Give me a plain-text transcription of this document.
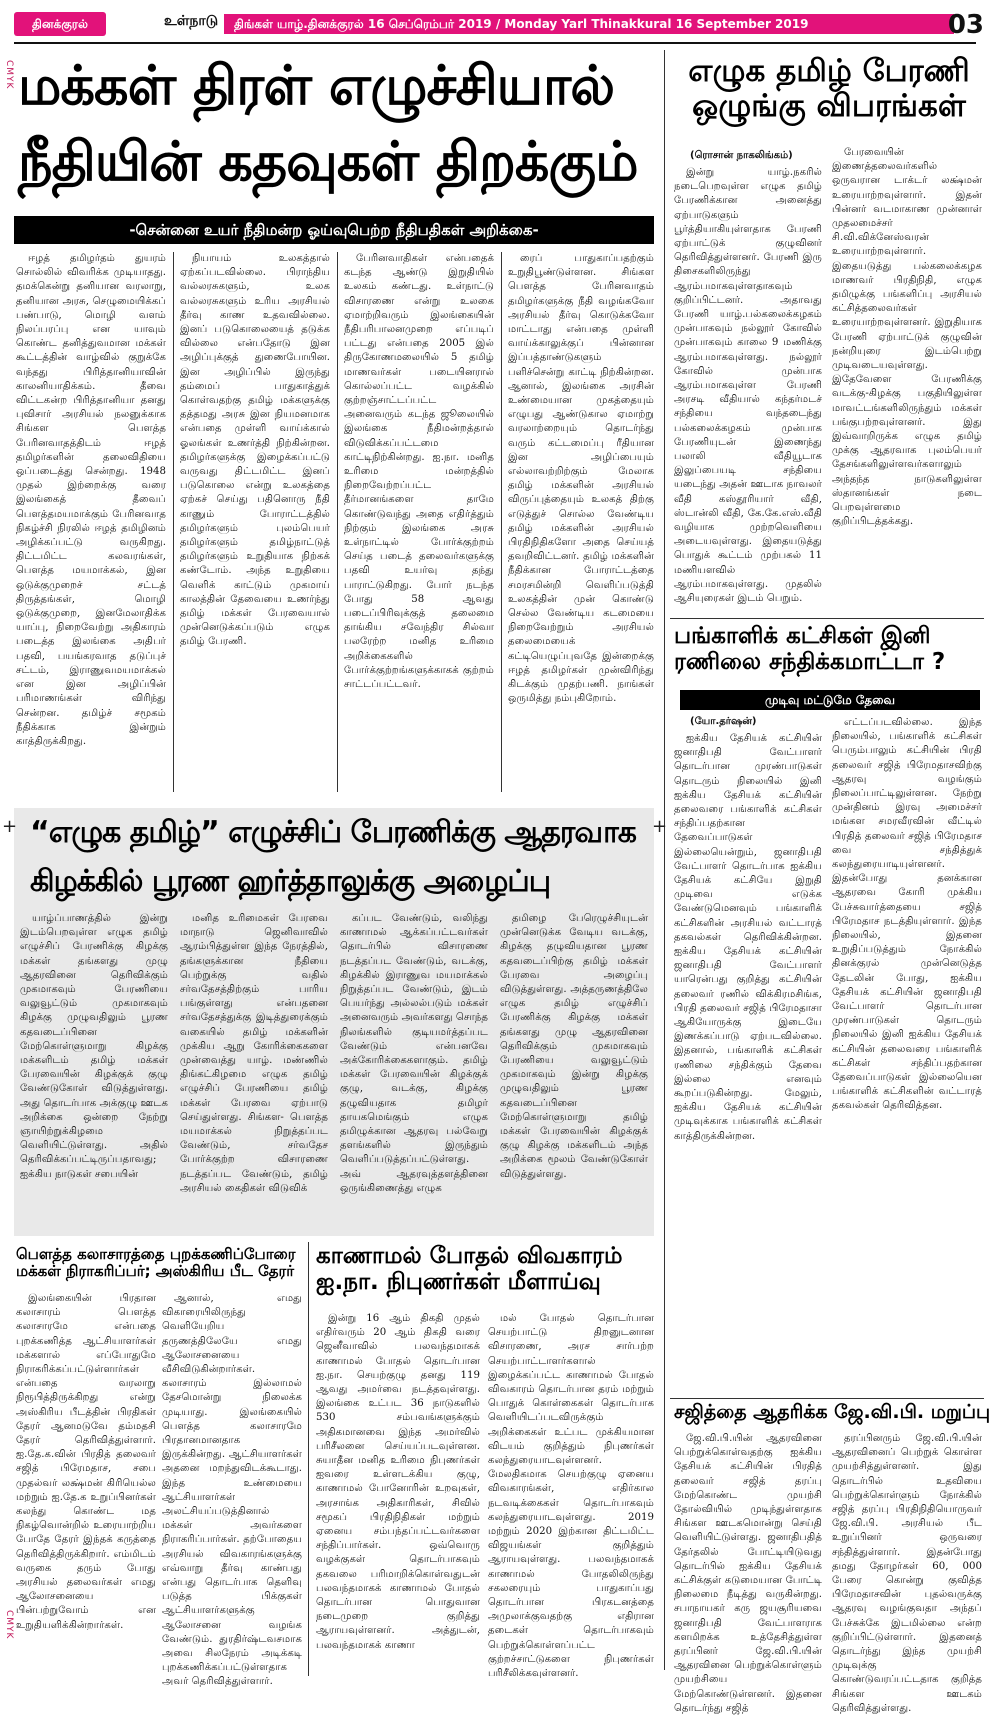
தினக்குரல்	உள்நாடு	திங்கள் யாழ்.தினக்குரல் 16 செப்ரெம்பர் 2019 / Monday Yarl Thinakkural 16 September 2019	03
CMYK
CMYK
மக்கள் திரள் எழுச்சியால்
நீதியின் கதவுகள் திறக்கும்
-சென்னை உயர் நீதிமன்ற ஓய்வுபெற்ற நீதிபதிகள் அறிக்கை-

ஈழத் தமிழர்தம் துயரம் சொல்லில் விவரிக்க முடியாதது. தமக்கென்று தனியான வரலாறு, தனியான அரசு, செழுமையிக்கப் பண்பாடு, மொழி வளம் நிலப்பரப்பு என யாவும் கொண்ட தனித்துவமான மக்கள் கூட்டத்தின் வாழ்வில் குறுக்கே வந்தது பிரித்தானியாவின் காலனியாதிக்கம். தீவை விட்டகன்ற பிரித்தானியா தனது புவிசார் அரசியல் நலனுக்காக சிங்கள பௌத்த பேரினவாதத்திடம் ஈழத் தமிழர்களின் தலைவிதியை ஒப்படைத்து சென்றது. 1948 முதல் இற்றைக்கு வரை இலங்கைத் தீவைப் பௌத்தமயமாக்கும் பேரினவாத நிகழ்ச்சி நிரலில் ஈழத் தமிழினம் அழிக்கப்பட்டு வருகிறது. திட்டமிட்ட கலவரங்கள், பௌத்த மயமாக்கல், இன ஒடுக்குமுறைச் சட்டத் திருத்தங்கள், மொழி ஒடுக்குமுறை, இனமேலாதிக்க யாப்பு, நிறைவேற்று அதிகாரம் படைத்த இலங்கை அதிபர் பதவி, பயங்கரவாத தடுப்புச் சட்டம், இராணுவமயமாக்கல் என இன அழிப்பின் பரிமாணங்கள் விரிந்து சென்றன. தமிழ்ச் சமூகம் நீதிக்காக இன்றும் காத்திருக்கிறது.

நியாயம் உலகத்தால் ஏற்கப்படவில்லை. பிராந்திய வல்லரசுகளும், உலக வல்லரசுகளும் உரிய அரசியல் தீர்வு காண உதவவில்லை. இனப் படுகொலையைத் தடுக்க வில்லை என்பதோடு இன அழிப்புக்குத் துணைபோயின. இன அழிப்பில் இருந்து தம்மைப் பாதுகாத்துக் கொள்வதற்கு தமிழ் மக்களுக்கு தத்தமது அரசு இன நியமனமாக என்பதை முள்ளி வாய்க்கால் ஓலங்கள் உணர்த்தி நிற்கின்றன. தமிழர்களுக்கு இழைக்கப்பட்டு வருவது திட்டமிட்ட இனப் படுகொலை என்று உலகத்தை ஏற்கச் செய்து பதினொரு நீதி காணும் போராட்டத்தில் தமிழர்களும் புலம்பெயர் தமிழர்களும் தமிழ்நாட்டுத் தமிழர்களும் உறுதியாக நிற்கக் கண்டோம். அந்த உறுதியை வெளிக் காட்டும் முகமாய் காலத்தின் தேவையை உணர்ந்து தமிழ் மக்கள் பேரவையால் முன்னெடுக்கப்படும் எழுக தமிழ் பேரணி.

பேரினவாதிகள் என்பதைக் கடந்த ஆண்டு இறுதியில் உலகம் கண்டது. உள்நாட்டு விசாரணை என்று உலகை ஏமாற்றிவரும் இலங்கையின் நீதிபரிபாலனமுறை எப்படிப் பட்டது என்பதை 2005 இல் திருகோணமலையில் 5 தமிழ் மாணவர்கள் படையினரால் கொல்லப்பட்ட வழக்கில் குற்றஞ்சாட்டப்பட்ட அனைவரும் கடந்த ஜூலையில் இலங்கை நீதிமன்றத்தால் விடுவிக்கப்பட்டமை காட்டிநிற்கின்றது. ஐ.நா. மனித உரிமை மன்றத்தில் நிறைவேற்றப்பட்ட தீர்மானங்களை தாமே கொண்டுவந்து அதை எதிர்த்தும் நிற்கும் இலங்கை அரசு உள்நாட்டில் போர்க்குற்றம் செய்த படைத் தலைவர்களுக்கு பதவி உயர்வு தந்து பாராட்டுகிறது. போர் நடந்த போது 58 ஆவது படைப்பிரிவுக்குத் தலைமை தாங்கிய சவேந்திர சில்வா பலரேற்ற மனித உரிமை அறிக்கைகளில் போர்க்குற்றங்களுக்காகக் குற்றம் சாட்டப்பட்டவர்.

ரைப் பாதுகாப்பதற்கும் உறுதிபூண்டுள்ளன. சிங்கள பௌத்த பேரினவாதம் தமிழர்களுக்கு நீதி வழங்கவோ அரசியல் தீர்வு கொடுக்கவோ மாட்டாது என்பதை முள்ளி வாய்க்காலுக்குப் பின்னான இப்பத்தாண்டுகளும் பளிச்சென்று காட்டி நிற்கின்றன. ஆனால், இலங்கை அரசின் உண்மையான முகத்தையும் எழுபது ஆண்டுகால ஏமாற்று வரலாற்றையும் தொடர்ந்து வரும் கட்டமைப்பு ரீதியான இன அழிப்பையும் எல்லாவற்றிற்கும் மேலாக தமிழ் மக்களின் அரசியல் விருப்புத்தையும் உலகத் திற்கு எடுத்துச் சொல்ல வேண்டிய தமிழ் மக்களின் அரசியல் பிரதிநிதிகளோ அதை செய்யத் தவறிவிட்டனர். தமிழ் மக்களின் நீதிக்கான போராட்டத்தை சமரசமின்றி வெளிப்படுத்தி உலகத்தின் முன் கொண்டு செல்ல வேண்டிய கடமையை நிறைவேற்றும் அரசியல் தலைமையைக் கட்டியெழுப்புவதே இன்றைக்கு ஈழத் தமிழர்கள் முன்விரிந்து கிடக்கும் முதற்பணி. நாங்கள் ஒருமித்து நம்புகிறோம்.

எழுக தமிழ் பேரணி ஒழுங்கு விபரங்கள்
(ரொசான் நாகலிங்கம்)

இன்று யாழ்.நகரில் நடைபெறவுள்ள எழுக தமிழ் பேரணிக்கான அனைத்து ஏற்பாடுகளும் பூர்த்தியாகியுள்ளதாக பேரணி ஏற்பாட்டுக் குழுவினர் தெரிவித்துள்ளனர். பேரணி இரு திசைகளிலிருந்து ஆரம்பமாகவுள்ளதாகவும் குறிப்பிட்டனர். அதாவது பேரணி யாழ்.பல்கலைக்கழகம் முன்பாகவும் நல்லூர் கோவில் முன்பாகவும் காலை 9 மணிக்கு ஆரம்பமாகவுள்ளது. நல்லூர் கோவில் முன்பாக ஆரம்பமாகவுள்ள பேரணி அரசடி வீதியால் கந்தர்மடச் சந்தியை வந்தடைந்து பல்கலைக்கழகம் முன்பாக பேரணியுடன் இணைந்து பலாலி வீதியூடாக இலுப்பையடி சந்தியை யடைந்து அதன் ஊடாக நாவலர் வீதி கஸ்தூரியார் வீதி, ஸ்டான்லி வீதி, கே.கே.எஸ்.வீதி வழியாக முற்றவெளியை அடையவுள்ளது. இதையடுத்து பொதுக் கூட்டம் முற்பகல் 11 மணியளவில் ஆரம்பமாகவுள்ளது. முதலில் ஆசியுரைகள் இடம் பெறும்.

பேரவையின் இணைத்தலைவர்களில் ஒருவரான டாக்டர் லக்ஷ்மன் உரையாற்றவுள்ளார். இதன் பின்னர் வடமாகாண முன்னாள் முதலமைச்சர் சி.வி.விக்னேஸ்வரன் உரையாற்றவுள்ளார். இதையடுத்து பல்கலைக்கழக மாணவர் பிரதிநிதி, எழுக தமிழுக்கு பங்களிப்பு அரசியல் கட்சித்தலைவர்கள் உரையாற்றவுள்ளனர். இறுதியாக பேரணி ஏற்பாட்டுக் குழுவின் நன்றியுரை இடம்பெற்று முடிவடையவுள்ளது. இதேவேளை பேரணிக்கு வடக்கு-கிழக்கு பகுதியிலுள்ள மாவட்டங்களிலிருந்தும் மக்கள் பங்குபற்றவுள்ளனர். இது இவ்வாறிருக்க எழுக தமிழ் முக்கு ஆதரவாக புலம்பெயர் தேசங்களிலுள்ளவர்களாலும் அந்தந்த நாடுகளிலுள்ள ஸ்தானங்கள் நடை பெறவுள்ளமை குறிப்பிடத்தக்கது.

பங்காளிக் கட்சிகள் இனி ரணிலை சந்திக்கமாட்டா ?
முடிவு மட்டுமே தேவை
(யோ.தர்ஷன்)

ஐக்கிய தேசியக் கட்சியின் ஜனாதிபதி வேட்பாளர் தொடர்பான முரண்பாடுகள் தொடரும் நிலையில் இனி ஐக்கிய தேசியக் கட்சியின் தலைவரை பங்காளிக் கட்சிகள் சந்திப்பதற்கான தேவைப்பாடுகள் இல்லையென்றும், ஜனாதிபதி வேட்பாளர் தொடர்பாக ஐக்கிய தேசியக் கட்சியே இறுதி முடிவை எடுக்க வேண்டுமெனவும் பங்காளிக் கட்சிகளின் அரசியல் வட்டாரத் தகவல்கள் தெரிவிக்கின்றன. ஐக்கிய தேசியக் கட்சியின் ஜனாதிபதி வேட்பாளர் யாரென்பது குறித்து கட்சியின் தலைவர் ரணில் விக்கிரமசிங்க, பிரதி தலைவர் சஜித் பிரேமதாசா ஆகியோருக்கு இடையே இணக்கப்பாடு ஏற்படவில்லை. இதனால், பங்காளிக் கட்சிகள் ரணிலை சந்திக்கும் தேவை இல்லை எனவும் கூறப்படுகின்றது. மேலும், ஐக்கிய தேசியக் கட்சியின் முடிவுக்காக பங்காளிக் கட்சிகள் காத்திருக்கின்றன.

எட்டப்படவில்லை. இந்த நிலையில், பங்காளிக் கட்சிகள் பெரும்பாலும் கட்சியின் பிரதி தலைவர் சஜித் பிரேமதாசவிற்கு ஆதரவு வழங்கும் நிலைப்பாட்டிலுள்ளன. நேற்று முன்தினம் இரவு அமைச்சர் மங்கள சமரவீரவின் வீட்டில் பிரதித் தலைவர் சஜித் பிரேமதாச வை சந்தித்துக் கலந்துரையாடியுள்ளனர். இதன்போது தனக்கான ஆதரவை கோரி முக்கிய பேச்சுவார்த்தையை சஜித் பிரேமதாச நடத்தியுள்ளார். இந்த நிலையில், இதனை உறுதிப்படுத்தும் நோக்கில் தினக்குரல் முன்னெடுத்த தேடலின் போது, ஐக்கிய தேசியக் கட்சியின் ஜனாதிபதி வேட்பாளர் தொடர்பான முரண்பாடுகள் தொடரும் நிலையில் இனி ஐக்கிய தேசியக் கட்சியின் தலைவரை பங்காளிக் கட்சிகள் சந்திப்பதற்கான தேவைப்பாடுகள் இல்லையென பங்காளிக் கட்சிகளின் வட்டாரத் தகவல்கள் தெரிவித்தன.

சஜித்தை ஆதரிக்க ஜே.வி.பி. மறுப்பு

ஜே.வி.பி.யின் ஆதரவினை பெற்றுக்கொள்வதற்கு ஐக்கிய தேசியக் கட்சியின் பிரதித் தலைவர் சஜித் தரப்பு மேற்கொண்ட முயற்சி தோல்வியில் முடிந்துள்ளதாக சிங்கள ஊடகமொன்று செய்தி வெளியிட்டுள்ளது. ஜனாதிபதித் தேர்தலில் போட்டியிடுவது தொடர்பில் ஐக்கிய தேசியக் கட்சிக்குள் கடுமையான போட்டி நிலைமை நீடித்து வருகின்றது. சபாநாயகர் கரு ஜயசூரியவை ஜனாதிபதி வேட்பாளராக களமிறக்க உத்தேசித்துள்ள தரப்பினர் ஜே.வி.பி.யின் ஆதரவினை பெற்றுக்கொள்ளும் முயற்சியை மேற்கொண்டுள்ளனர். இதனை தொடர்ந்து சஜித்

தரப்பினரும் ஜே.வி.பி.யின் ஆதரவினைப் பெற்றுக் கொள்ள முயற்சித்துள்ளனர். இது தொடர்பில் உதவியை பெற்றுக்கொள்ளும் நோக்கில் சஜித் தரப்பு பிரதிநிதியொருவர் ஜே.வி.பி. அரசியல் பீட உறுப்பினர் ஒருவரை சந்தித்துள்ளார். இதன்போது தமது தோழர்கள் 60, 000 பேரை கொன்று குவித்த பிரேமதாசவின் புதல்வருக்கு ஆதரவு வழங்குவதா அந்தப் பேச்சுக்கே இடமில்லை என்ற குறிப்பிட்டுள்ளார். இதனைத் தொடர்ந்து இந்த முயற்சி முடிவுக்கு கொண்டுவரப்பட்டதாக குறித்த சிங்கள ஊடகம் தெரிவித்துள்ளது.

+	+
“எழுக தமிழ்” எழுச்சிப் பேரணிக்கு ஆதரவாக
கிழக்கில் பூரண ஹர்த்தாலுக்கு அழைப்பு

யாழ்ப்பாணத்தில் இன்று இடம்பெறவுள்ள எழுக தமிழ் எழுச்சிப் பேரணிக்கு கிழக்கு மக்கள் தங்களது முழு ஆதரவினை தெரிவிக்கும் முகமாகவும் பேரணியை வலுவூட்டும் முகமாகவும் கிழக்கு முழுவதிலும் பூரண கதவடைப்பினை மேற்கொள்ளுமாறு கிழக்கு மக்களிடம் தமிழ் மக்கள் பேரவையின் கிழக்குக் குழு வேண்டுகோள் விடுத்துள்ளது. அது தொடர்பாக அக்குழு ஊடக அறிக்கை ஒன்றை நேற்று ஞாயிற்றுக்கிழமை வெளியிட்டுள்ளது. அதில் தெரிவிக்கப்பட்டிருப்பதாவது; ஐக்கிய நாடுகள் சபையின்

மனித உரிமைகள் பேரவை மாநாடு ஜெனிவாவில் ஆரம்பித்துள்ள இந்த நேரத்தில், தங்களுக்கான நீதியை பெற்றுக்கு வதில் சர்வதேசத்திற்கும் பாரிய பங்குள்ளது என்பதனை சர்வதேசத்துக்கு இடித்துரைக்கும் வகையில் தமிழ் மக்களின் முக்கிய ஆறு கோரிக்கைகளை முன்வைத்து யாழ். மண்ணில் திங்கட்கிழமை எழுக தமிழ் எழுச்சிப் பேரணியை தமிழ் மக்கள் பேரவை ஏற்பாடு செய்துள்ளது. சிங்கள- பௌத்த மயமாக்கல் நிறுத்தப்பட வேண்டும், சர்வதேச போர்க்குற்ற விசாரணை நடத்தப்பட வேண்டும், தமிழ் அரசியல் கைதிகள் விடுவிக்

கப்பட வேண்டும், வலிந்து காணாமல் ஆக்கப்பட்டவர்கள் தொடர்பில் விசாரணை நடத்தப்பட வேண்டும், வடக்கு, கிழக்கில் இராணுவ மயமாக்கல் நிறுத்தப்பட வேண்டும், இடம் பெயர்ந்து அல்லல்படும் மக்கள் அனைவரும் அவர்களது சொந்த நிலங்களில் குடியமர்த்தப்பட வேண்டும் என்பனவே அக்கோரிக்கைகளாகும். தமிழ் மக்கள் பேரவையின் கிழக்குக் குழு, வடக்கு, கிழக்கு தழுவியதாக தமிழர் தாயகமெங்கும் எழுக தமிழுக்கான ஆதரவு பல்வேறு தளங்களில் இருந்தும் வெளிப்படுத்தப்பட்டுள்ளது. அவ் ஆதரவுத்தளத்தினை ஒருங்கிணைத்து எழுக

தமிழை பேரெழுச்சியுடன் முன்னெடுக்க வேடிய வடக்கு, கிழக்கு தழுவியதான பூரண கதவடைப்பிற்கு தமிழ் மக்கள் பேரவை அழைப்பு விடுத்துள்ளது. அத்தருணத்திலே எழுக தமிழ் எழுச்சிப் பேரணிக்கு கிழக்கு மக்கள் தங்களது முழு ஆதரவினை தெரிவிக்கும் முகமாகவும் பேரணியை வலுவூட்டும் முகமாகவும் இன்று கிழக்கு முழுவதிலும் பூரண கதவடைப்பினை மேற்கொள்ளுமாறு தமிழ் மக்கள் பேரவையின் கிழக்குக் குழு கிழக்கு மக்களிடம் அந்த அறிக்கை மூலம் வேண்டுகோள் விடுத்துள்ளது.

பௌத்த கலாசாரத்தை புறக்கணிப்போரை மக்கள் நிராகரிப்பர்; அஸ்கிரிய பீட தேரர்

இலங்கையின் பிரதான கலாசாரம் பௌத்த கலாசாரமே என்பதை புறக்கணித்த ஆட்சியாளர்கள் மக்களால் எப்போதுமே நிராகரிக்கப்பட்டுள்ளார்கள் என்பதை வரலாறு நிரூபித்திருக்கிறது என்று அஸ்கிரிய பீடத்தின் பிரதிகள் தேரர் ஆனமடுவே தம்மதசி தேரர் தெரிவித்துள்ளார். ஐ.தே.க.வின் பிரதித் தலைவர் சஜித் பிரேமதாச, சபை முதல்வர் லக்ஷ்மன் கிரியெல்ல மற்றும் ஐ.தே.க உறுப்பினர்கள் கலந்து கொண்ட மத நிகழ்வொன்றில் உரையாற்றிய போதே தேரர் இந்தக் கருத்தை தெரிவித்திருக்கிறார். எம்மிடம் வருகை தரும் போது அரசியல் தலைவர்கள் எமது ஆலோசனையை பின்பற்றுவோம் என உறுதியளிக்கின்றார்கள்.

ஆனால், எமது விகாரையிலிருந்து வெளியேறிய தருணத்திலேயே எமது ஆலோசனையை வீசிவிடுகின்றார்கள். கலாசாரம் இல்லாமல் தேசமொன்று நிலைக்க முடியாது. இலங்கையில் பௌத்த கலாசாரமே பிரதானமானதாக இருக்கின்றது. ஆட்சியாளர்கள் அதனை மறந்துவிடக்கூடாது. இந்த உண்மையை ஆட்சியாளர்கள் அலட்சியப்படுத்தினால் மக்கள் அவர்களை நிராகரிப்பார்கள். தற்போதைய அரசியல் விவகாரங்களுக்கு எவ்வாறு தீர்வு காண்பது என்பது தொடர்பாக தெளிவு படுத்த பிக்குகள் ஆட்சியாளர்களுக்கு ஆலோசனை வழங்க வேண்டும். துரதிர்ஷ்டவசமாக அவை சிலநேரம் அடிக்கடி புறக்கணிக்கப்பட்டுள்ளதாக அவர் தெரிவித்துள்ளார்.

காணாமல் போதல் விவகாரம் ஐ.நா. நிபுணர்கள் மீளாய்வு

இன்று 16 ஆம் திகதி முதல் எதிர்வரும் 20 ஆம் திகதி வரை ஜெனீவாவில் பலவந்தமாகக் காணாமல் போதல் தொடர்பான ஐ.நா. செயற்குழு தனது 119 ஆவது அமர்வை நடத்தவுள்ளது. இலங்கை உட்பட 36 நாடுகளில் 530 சம்பவங்களுக்கும் அதிகமானவை இந்த அமர்வில் பரிசீலனை செய்யப்படவுள்ளன. சுயாதீன மனித உரிமை நிபுணர்கள் ஐவரை உள்ளடக்கிய குழு, காணாமல் போனோரின் உறவுகள், அரசாங்க அதிகாரிகள், சிவில் சமூகப் பிரதிநிதிகள் மற்றும் ஏனைய சம்பந்தப்பட்டவர்களை சந்திப்பார்கள். ஒவ்வொரு வழக்குகள் தொடர்பாகவும் தகவலை பரிமாறிக்கொள்வதுடன் பலவந்தமாகக் காணாமல் போதல் தொடர்பான பொதுவான நடைமுறை குறித்து ஆராயவுள்ளனர். அத்துடன், பலவந்தமாகக் காணா

மல் போதல் தொடர்பான செயற்பாட்டு திறனுடனான விசாரணை, அரச சார்பற்ற செயற்பாட்டாளர்களால் இழைக்கப்பட்ட காணாமல் போதல் விவகாரம் தொடர்பான தரம் மற்றும் பொதுக் கொள்கைகள் தொடர்பாக வெளியிடப்படவிருக்கும் அறிக்கைகள் உட்பட முக்கியமான விடயம் குறித்தும் நிபுணர்கள் கலந்துரையாடவுள்ளனர். மேலதிகமாக செயற்குழு ஏனைய விவகாரங்கள், எதிர்கால நடவடிக்கைகள் தொடர்பாகவும் கலந்துரையாடவுள்ளது. 2019 மற்றும் 2020 இற்கான திட்டமிட்ட விஜயங்கள் குறித்தும் ஆராயவுள்ளது. பலவந்தமாகக் காணாமல் போதலிலிருந்து சகலரையும் பாதுகாப்பது தொடர்பான பிரகடனத்தை அமுலாக்குவதற்கு எதிரான தடைகள் தொடர்பாகவும் பெற்றுக்கொள்ளப்பட்ட குற்றச்சாட்டுகளை நிபுணர்கள் பரிசீலிக்கவுள்ளனர்.
